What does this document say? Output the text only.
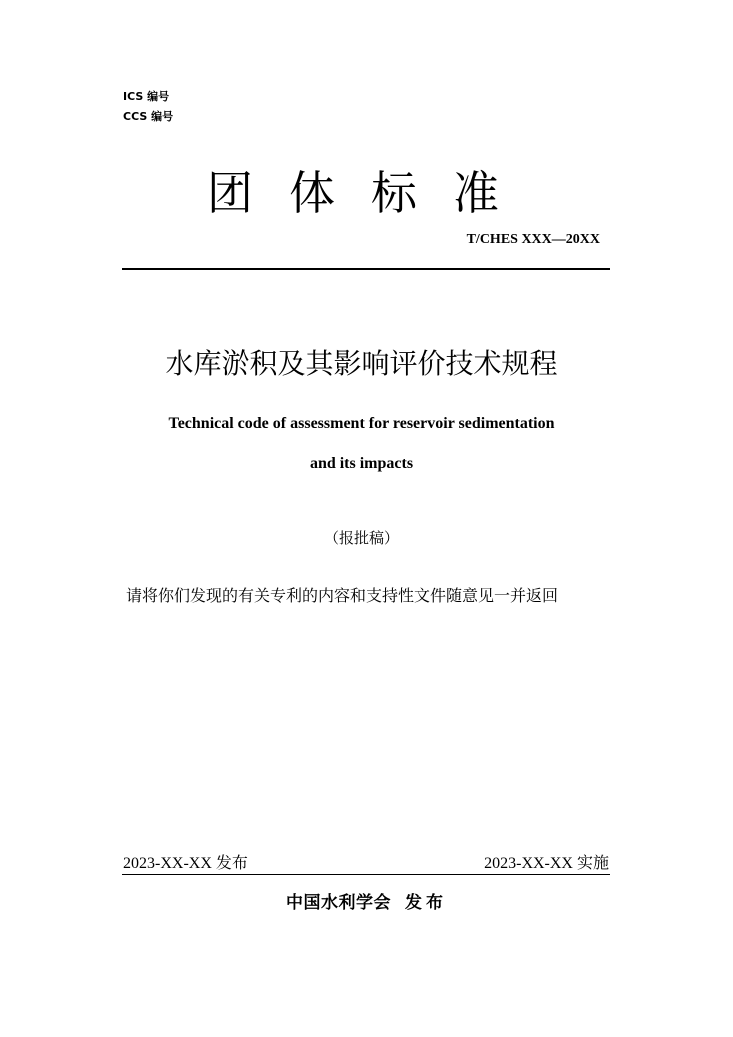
ICS 编号
CCS 编号
团体标准
T/CHES XXX—20XX
水库淤积及其影响评价技术规程
Technical code of assessment for reservoir sedimentation
and its impacts
（报批稿）
请将你们发现的有关专利的内容和支持性文件随意见一并返回
2023-XX-XX 发布	2023-XX-XX 实施
中国水利学会 发布
